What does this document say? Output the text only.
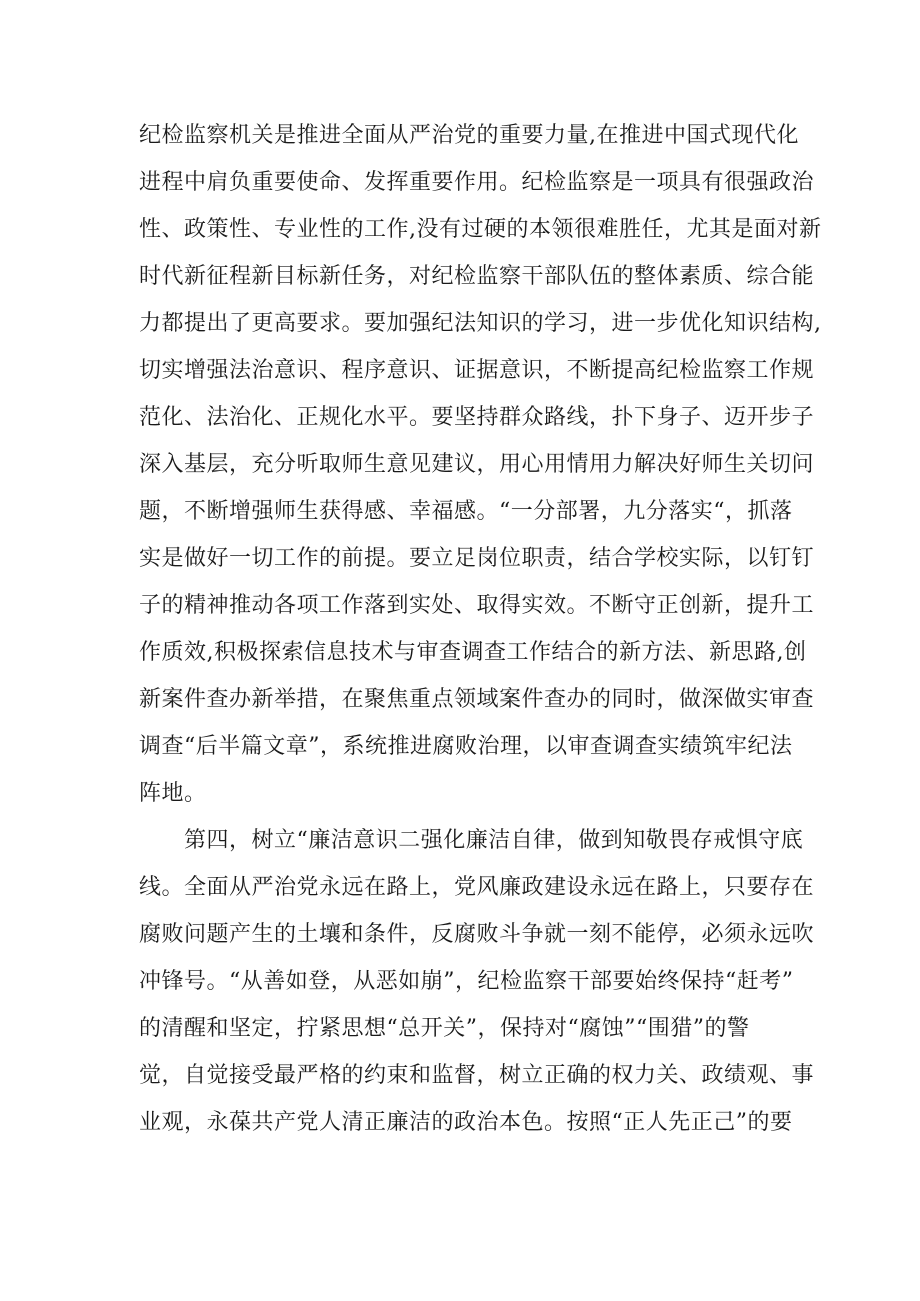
纪检监察机关是推进全面从严治党的重要力量,在推进中国式现代化
进程中肩负重要使命、发挥重要作用。纪检监察是一项具有很强政治
性、政策性、专业性的工作,没有过硬的本领很难胜任，尤其是面对新
时代新征程新目标新任务，对纪检监察干部队伍的整体素质、综合能
力都提出了更高要求。要加强纪法知识的学习，进一步优化知识结构,
切实增强法治意识、程序意识、证据意识，不断提高纪检监察工作规
范化、法治化、正规化水平。要坚持群众路线，扑下身子、迈开步子
深入基层，充分听取师生意见建议，用心用情用力解决好师生关切问
题，不断增强师生获得感、幸福感。“一分部署，九分落实“，抓落
实是做好一切工作的前提。要立足岗位职责，结合学校实际，以钉钉
子的精神推动各项工作落到实处、取得实效。不断守正创新，提升工
作质效,积极探索信息技术与审查调查工作结合的新方法、新思路,创
新案件查办新举措，在聚焦重点领域案件查办的同时，做深做实审查
调查“后半篇文章”，系统推进腐败治理，以审查调查实绩筑牢纪法
阵地。
　　第四，树立“廉洁意识二强化廉洁自律，做到知敬畏存戒惧守底
线。全面从严治党永远在路上，党风廉政建设永远在路上，只要存在
腐败问题产生的土壤和条件，反腐败斗争就一刻不能停，必须永远吹
冲锋号。“从善如登，从恶如崩”，纪检监察干部要始终保持“赶考”
的清醒和坚定，拧紧思想“总开关”，保持对“腐蚀”“围猎”的警
觉，自觉接受最严格的约束和监督，树立正确的权力关、政绩观、事
业观，永葆共产党人清正廉洁的政治本色。按照“正人先正己”的要
